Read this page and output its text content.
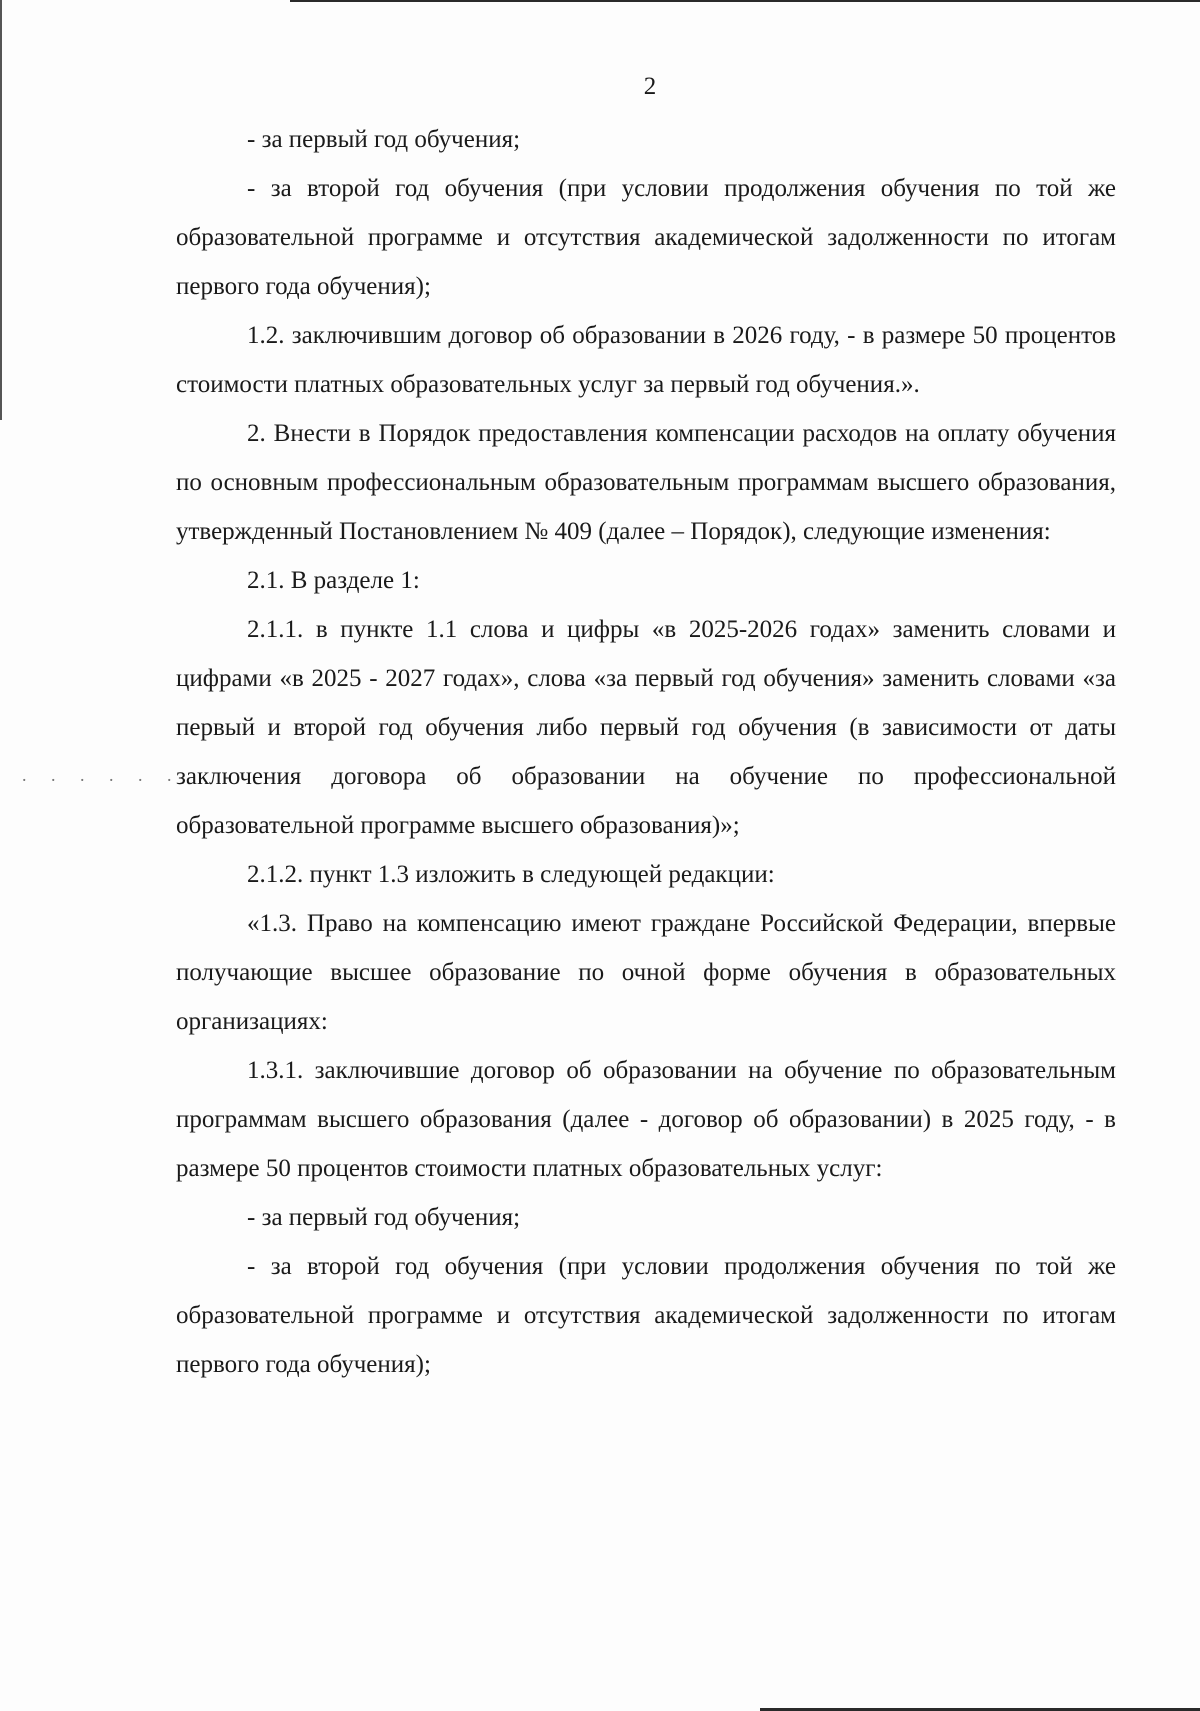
. . . . . .
2

- за первый год обучения;

- за второй год обучения (при условии продолжения обучения по той же образовательной программе и отсутствия академической задолженности по итогам первого года обучения);

1.2. заключившим договор об образовании в 2026 году, - в размере 50 процентов стоимости платных образовательных услуг за первый год обучения.».

2. Внести в Порядок предоставления компенсации расходов на оплату обучения по основным профессиональным образовательным программам высшего образования, утвержденный Постановлением № 409 (далее – Порядок), следующие изменения:

2.1. В разделе 1:

2.1.1. в пункте 1.1 слова и цифры «в 2025-2026 годах» заменить словами и цифрами «в 2025 - 2027 годах», слова «за первый год обучения» заменить словами «за первый и второй год обучения либо первый год обучения (в зависимости от даты заключения договора об образовании на обучение по профессиональной образовательной программе высшего образования)»;

2.1.2. пункт 1.3 изложить в следующей редакции:

«1.3. Право на компенсацию имеют граждане Российской Федерации, впервые получающие высшее образование по очной форме обучения в образовательных организациях:

1.3.1. заключившие договор об образовании на обучение по образовательным программам высшего образования (далее - договор об образовании) в 2025 году, - в размере 50 процентов стоимости платных образовательных услуг:

- за первый год обучения;

- за второй год обучения (при условии продолжения обучения по той же образовательной программе и отсутствия академической задолженности по итогам первого года обучения);
